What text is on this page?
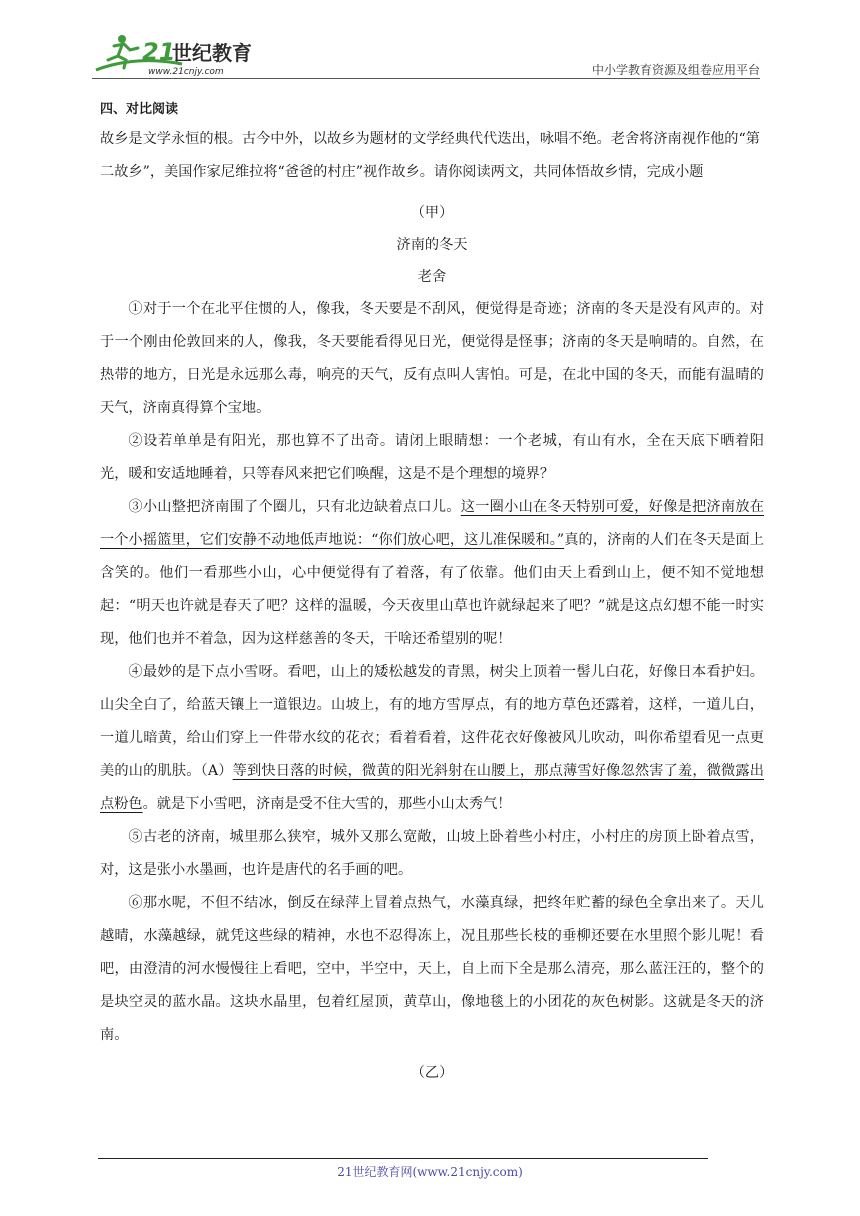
21
世纪教育
www.21cnjy.com	中小学教育资源及组卷应用平台
四、对比阅读

故乡是文学永恒的根。古今中外，以故乡为题材的文学经典代代迭出，咏唱不绝。老舍将济南视作他的“第二故乡”，美国作家尼维拉将“爸爸的村庄”视作故乡。请你阅读两文，共同体悟故乡情，完成小题

（甲）

济南的冬天

老舍

①对于一个在北平住惯的人，像我，冬天要是不刮风，便觉得是奇迹；济南的冬天是没有风声的。对于一个刚由伦敦回来的人，像我，冬天要能看得见日光，便觉得是怪事；济南的冬天是响晴的。自然，在热带的地方，日光是永远那么毒，响亮的天气，反有点叫人害怕。可是，在北中国的冬天，而能有温晴的天气，济南真得算个宝地。

②设若单单是有阳光，那也算不了出奇。请闭上眼睛想：一个老城，有山有水，全在天底下晒着阳光，暖和安适地睡着，只等春风来把它们唤醒，这是不是个理想的境界？

③小山整把济南围了个圈儿，只有北边缺着点口儿。这一圈小山在冬天特别可爱，好像是把济南放在一个小摇篮里，它们安静不动地低声地说：“你们放心吧，这儿准保暖和。”真的，济南的人们在冬天是面上含笑的。他们一看那些小山，心中便觉得有了着落，有了依靠。他们由天上看到山上，便不知不觉地想起：“明天也许就是春天了吧？这样的温暖，今天夜里山草也许就绿起来了吧？”就是这点幻想不能一时实现，他们也并不着急，因为这样慈善的冬天，干啥还希望别的呢！

④最妙的是下点小雪呀。看吧，山上的矮松越发的青黑，树尖上顶着一髻儿白花，好像日本看护妇。山尖全白了，给蓝天镶上一道银边。山坡上，有的地方雪厚点，有的地方草色还露着，这样，一道儿白，一道儿暗黄，给山们穿上一件带水纹的花衣；看着看着，这件花衣好像被风儿吹动，叫你希望看见一点更美的山的肌肤。（A）等到快日落的时候，微黄的阳光斜射在山腰上，那点薄雪好像忽然害了羞，微微露出点粉色。就是下小雪吧，济南是受不住大雪的，那些小山太秀气！

⑤古老的济南，城里那么狭窄，城外又那么宽敞，山坡上卧着些小村庄，小村庄的房顶上卧着点雪，对，这是张小水墨画，也许是唐代的名手画的吧。

⑥那水呢，不但不结冰，倒反在绿萍上冒着点热气，水藻真绿，把终年贮蓄的绿色全拿出来了。天儿越晴，水藻越绿，就凭这些绿的精神，水也不忍得冻上，况且那些长枝的垂柳还要在水里照个影儿呢！看吧，由澄清的河水慢慢往上看吧，空中，半空中，天上，自上而下全是那么清亮，那么蓝汪汪的，整个的是块空灵的蓝水晶。这块水晶里，包着红屋顶，黄草山，像地毯上的小团花的灰色树影。这就是冬天的济南。

（乙）

21世纪教育网(www.21cnjy.com)
